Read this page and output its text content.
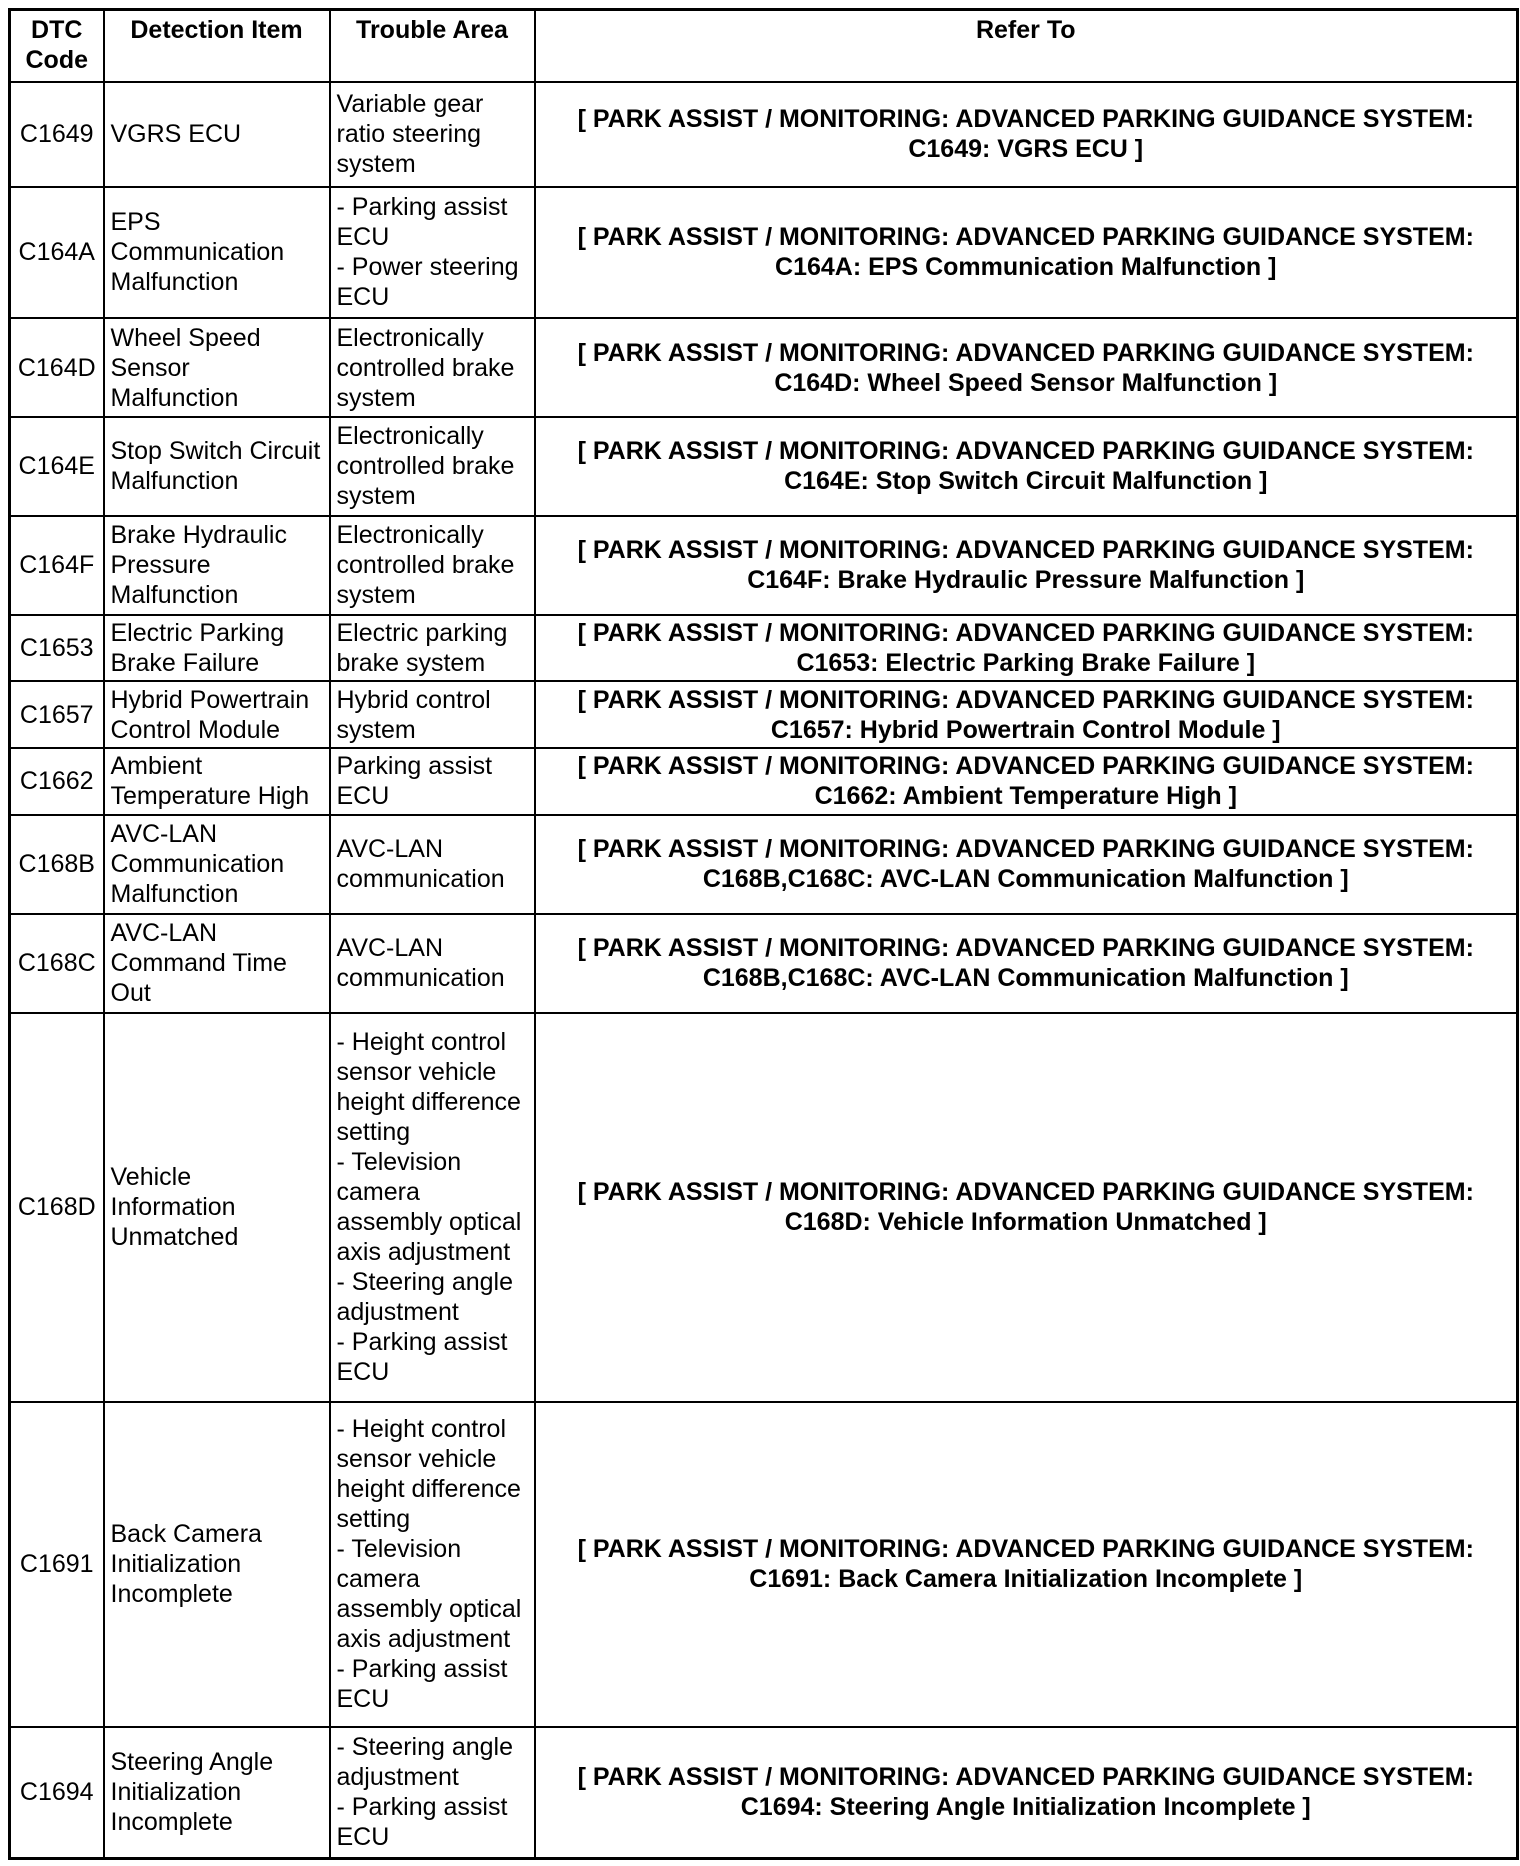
DTC Code	Detection Item	Trouble Area	Refer To
C1649	VGRS ECU	Variable gear ratio steering system	[ PARK ASSIST / MONITORING: ADVANCED PARKING GUIDANCE SYSTEM:
C1649: VGRS ECU ]

C164A	EPS Communication Malfunction	- Parking assist ECU
- Power steering ECU	[ PARK ASSIST / MONITORING: ADVANCED PARKING GUIDANCE SYSTEM:
C164A: EPS Communication Malfunction ]

C164D	Wheel Speed Sensor Malfunction	Electronically controlled brake system	[ PARK ASSIST / MONITORING: ADVANCED PARKING GUIDANCE SYSTEM:
C164D: Wheel Speed Sensor Malfunction ]

C164E	Stop Switch Circuit Malfunction	Electronically controlled brake system	[ PARK ASSIST / MONITORING: ADVANCED PARKING GUIDANCE SYSTEM:
C164E: Stop Switch Circuit Malfunction ]

C164F	Brake Hydraulic Pressure Malfunction	Electronically controlled brake system	[ PARK ASSIST / MONITORING: ADVANCED PARKING GUIDANCE SYSTEM:
C164F: Brake Hydraulic Pressure Malfunction ]

C1653	Electric Parking Brake Failure	Electric parking brake system	[ PARK ASSIST / MONITORING: ADVANCED PARKING GUIDANCE SYSTEM:
C1653: Electric Parking Brake Failure ]

C1657	Hybrid Powertrain Control Module	Hybrid control system	[ PARK ASSIST / MONITORING: ADVANCED PARKING GUIDANCE SYSTEM:
C1657: Hybrid Powertrain Control Module ]

C1662	Ambient Temperature High	Parking assist ECU	[ PARK ASSIST / MONITORING: ADVANCED PARKING GUIDANCE SYSTEM:
C1662: Ambient Temperature High ]

C168B	AVC-LAN Communication Malfunction	AVC-LAN communication	[ PARK ASSIST / MONITORING: ADVANCED PARKING GUIDANCE SYSTEM:
C168B,C168C: AVC-LAN Communication Malfunction ]

C168C	AVC-LAN Command Time Out	AVC-LAN communication	[ PARK ASSIST / MONITORING: ADVANCED PARKING GUIDANCE SYSTEM:
C168B,C168C: AVC-LAN Communication Malfunction ]

C168D	Vehicle Information Unmatched	- Height control sensor vehicle height difference setting
- Television camera assembly optical axis adjustment
- Steering angle adjustment
- Parking assist ECU	[ PARK ASSIST / MONITORING: ADVANCED PARKING GUIDANCE SYSTEM:
C168D: Vehicle Information Unmatched ]

C1691	Back Camera Initialization Incomplete	- Height control sensor vehicle height difference setting
- Television camera assembly optical axis adjustment
- Parking assist ECU	[ PARK ASSIST / MONITORING: ADVANCED PARKING GUIDANCE SYSTEM:
C1691: Back Camera Initialization Incomplete ]

C1694	Steering Angle Initialization Incomplete	- Steering angle adjustment
- Parking assist ECU	[ PARK ASSIST / MONITORING: ADVANCED PARKING GUIDANCE SYSTEM:
C1694: Steering Angle Initialization Incomplete ]
